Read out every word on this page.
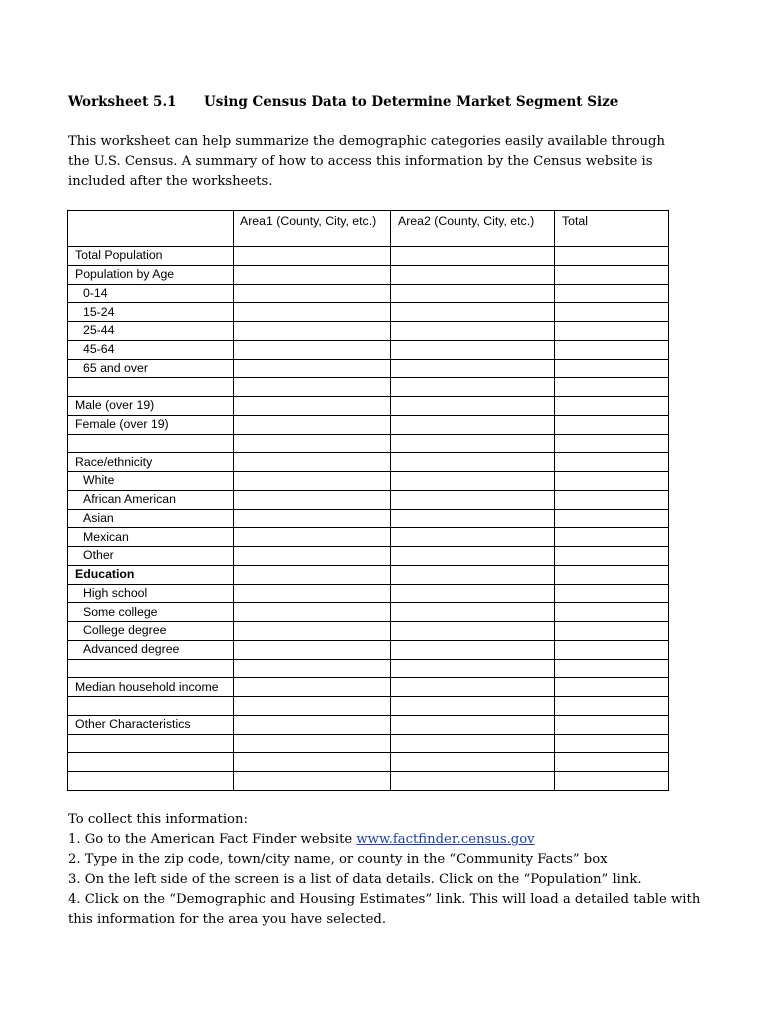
Worksheet 5.1 Using Census Data to Determine Market Segment Size
This worksheet can help summarize the demographic categories easily available through the U.S. Census. A summary of how to access this information by the Census website is included after the worksheets.
	Area1 (County, City, etc.)	Area2 (County, City, etc.)	Total
Total Population			
Population by Age			
0-14			
15-24			
25-44			
45-64			
65 and over			

Male (over 19)			
Female (over 19)			

Race/ethnicity			
White			
African American			
Asian			
Mexican			
Other			
Education			
High school			
Some college			
College degree			
Advanced degree			

Median household income			

Other Characteristics			

To collect this information:
1. Go to the American Fact Finder website www.factfinder.census.gov
2. Type in the zip code, town/city name, or county in the “Community Facts” box
3. On the left side of the screen is a list of data details. Click on the “Population” link.
4. Click on the “Demographic and Housing Estimates” link. This will load a detailed table with this information for the area you have selected.
